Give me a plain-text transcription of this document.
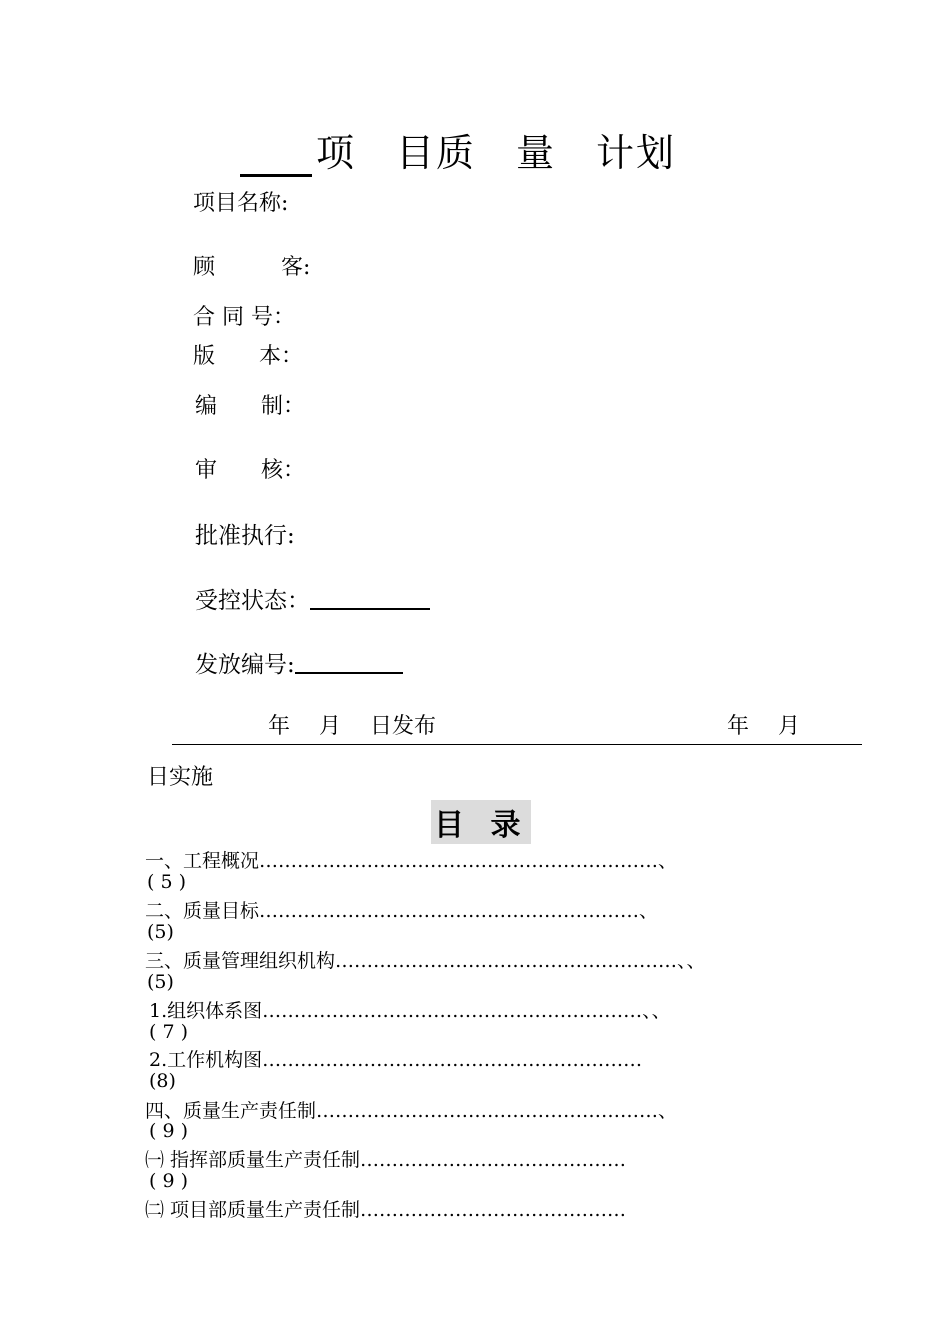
项　目质　量　计划
项目名称:
顾　　　客:
合 同 号：
版　　本：
编　　制：
审　　核：
批准执行:
受控状态：
发放编号:
年　 月　 日发布	年　 月
日实施
目 录
一、工程概况………………………………………………………、
( 5 )
二、质量目标……………………………………………………、
(5)
三、质量管理组织机构………………………………………………、、
(5)
1.组织体系图……………………………………………………、、
( 7 )
2.工作机构图……………………………………………………
(8)
四、质量生产责任制………………………………………………、
( 9 )
㈠ 指挥部质量生产责任制……………………………………
( 9 )
㈡ 项目部质量生产责任制……………………………………
